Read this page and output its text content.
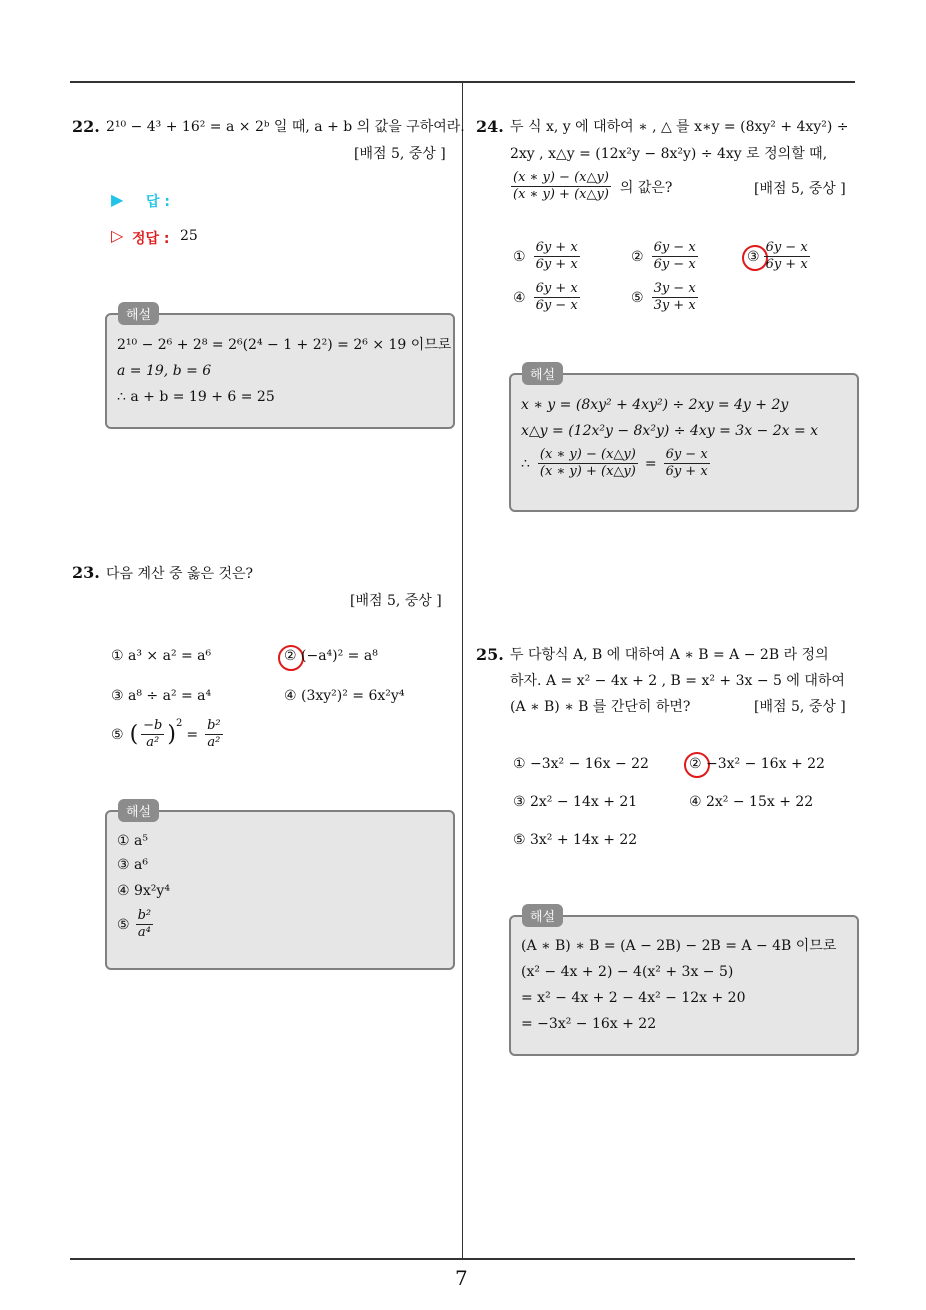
7
22. 2¹⁰ − 4³ + 16² = a × 2ᵇ 일 때, a + b 의 값을 구하여라.
[배점 5, 중상 ]
▶ 답 :
▷ 정답 : 25
해설
2¹⁰ − 2⁶ + 2⁸ = 2⁶(2⁴ − 1 + 2²) = 2⁶ × 19 이므로
a = 19, b = 6
∴ a + b = 19 + 6 = 25
23. 다음 계산 중 옳은 것은?
[배점 5, 중상 ]
① a³ × a² = a⁶	② (−a⁴)² = a⁸
③ a⁸ ÷ a² = a⁴	④ (3xy²)² = 6x²y⁴
⑤ ( $\frac{-b}{\text{a²}} )^2$
= $\frac{\text{b²}}{\text{a²}}$
해설
① a⁵
③ a⁶
④ 9x²y⁴
⑤ $\frac{\text{b²}}{\text{a⁴}}$
24. 두 식 x, y 에 대하여 ∗ , △ 를 x∗y = (8xy² + 4xy²) ÷
2xy , x△y = (12x²y − 8x²y) ÷ 4xy 로 정의할 때,
$\frac{(x ∗ y) - (x\triangle y)}{(x ∗ y) + (x\triangle y)}$ 의 값은?	[배점 5, 중상 ]
① $\frac{6y + x}{6y + x}$	② $\frac{6y - x}{6y - x}$	③ $\frac{6y - x}{6y + x}$
④ $\frac{6y + x}{6y - x}$	⑤ $\frac{3y - x}{3y + x}$
해설
x ∗ y = (8xy² + 4xy²) ÷ 2xy = 4y + 2y
x△y = (12x²y − 8x²y) ÷ 4xy = 3x − 2x = x
∴ $\frac{(x ∗ y) - (x\triangle y)}{(x ∗ y) + (x\triangle y)} = \frac{6y - x}{6y + x}$
25. 두 다항식 A, B 에 대하여 A ∗ B = A − 2B 라 정의
하자. A = x² − 4x + 2 , B = x² + 3x − 5 에 대하여
(A ∗ B) ∗ B 를 간단히 하면?	[배점 5, 중상 ]
① −3x² − 16x − 22	② −3x² − 16x + 22
③ 2x² − 14x + 21	④ 2x² − 15x + 22
⑤ 3x² + 14x + 22
해설
(A ∗ B) ∗ B = (A − 2B) − 2B = A − 4B 이므로
(x² − 4x + 2) − 4(x² + 3x − 5)
= x² − 4x + 2 − 4x² − 12x + 20
= −3x² − 16x + 22
